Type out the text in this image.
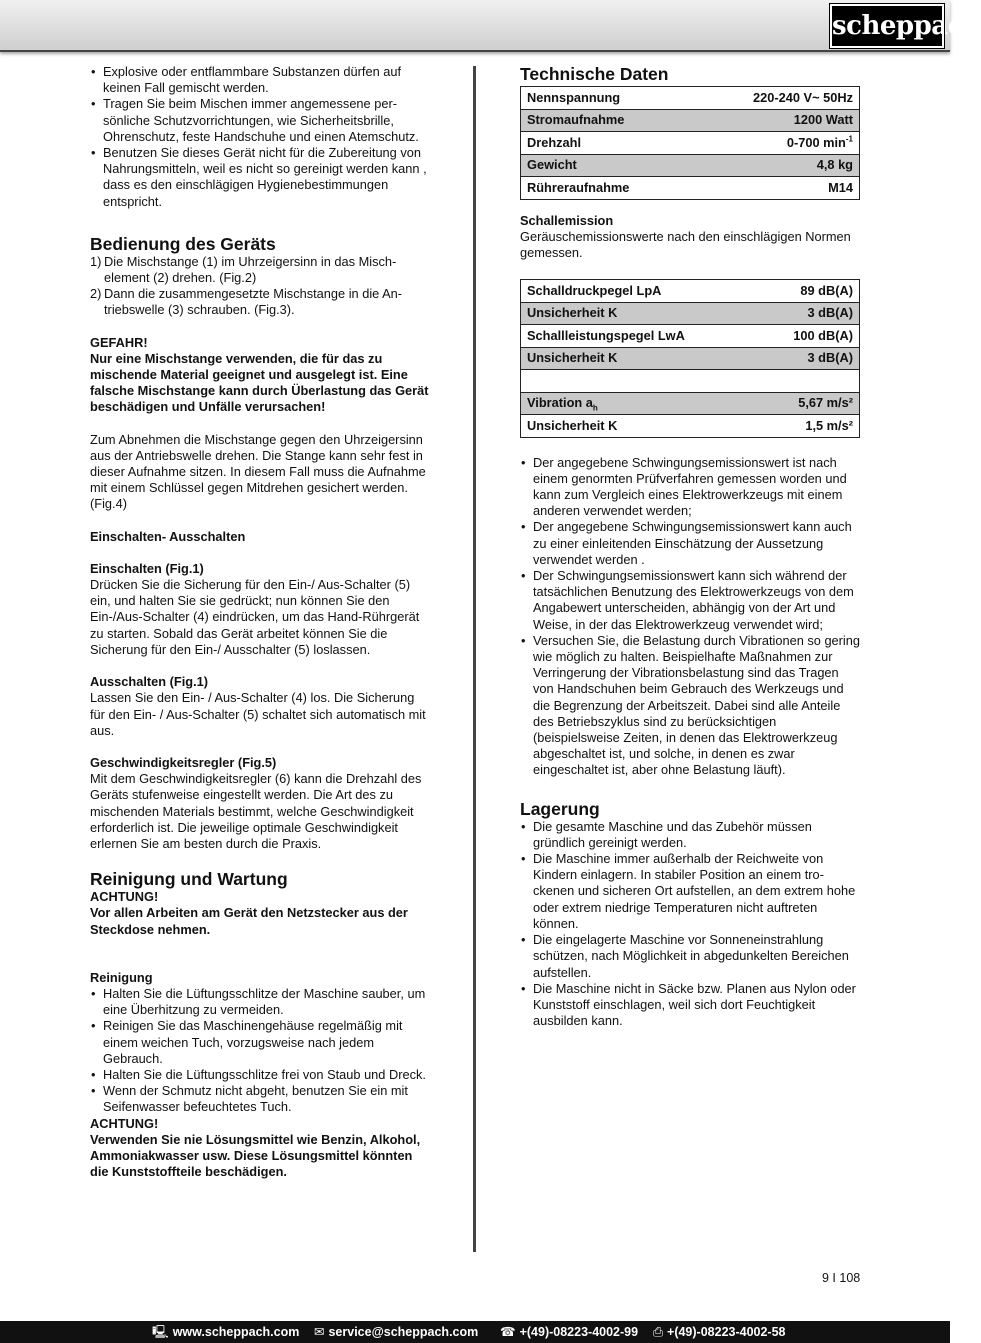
scheppach
• Explosive oder entflammbare Substanzen dürfen auf keinen Fall gemischt werden.
• Tragen Sie beim Mischen immer angemessene persönliche Schutzvorrichtungen, wie Sicherheitsbrille, Ohrenschutz, feste Handschuhe und einen Atemschutz.
• Benutzen Sie dieses Gerät nicht für die Zubereitung von Nahrungsmitteln, weil es nicht so gereinigt werden kann , dass es den einschlägigen Hygienebestimmungen entspricht.
Bedienung des Geräts
1) Die Mischstange (1) im Uhrzeigersinn in das Mischelement (2) drehen. (Fig.2)
2) Dann die zusammengesetzte Mischstange in die Antriebswelle (3) schrauben. (Fig.3).

GEFAHR!

Nur eine Mischstange verwenden, die für das zu mischende Material geeignet und ausgelegt ist. Eine falsche Mischstange kann durch Überlastung das Gerät beschädigen und Unfälle verursachen!

Zum Abnehmen die Mischstange gegen den Uhrzeigersinn aus der Antriebswelle drehen. Die Stange kann sehr fest in dieser Aufnahme sitzen. In diesem Fall muss die Aufnahme mit einem Schlüssel gegen Mitdrehen gesichert werden. (Fig.4)

Einschalten- Ausschalten

Einschalten (Fig.1)

Drücken Sie die Sicherung für den Ein-/ Aus-Schalter (5) ein, und halten Sie sie gedrückt; nun können Sie den Ein-/Aus-Schalter (4) eindrücken, um das Hand-Rührgerät zu starten. Sobald das Gerät arbeitet können Sie die Sicherung für den Ein-/ Ausschalter (5) loslassen.

Ausschalten (Fig.1)

Lassen Sie den Ein- / Aus-Schalter (4) los. Die Sicherung für den Ein- / Aus-Schalter (5) schaltet sich automatisch mit aus.

Geschwindigkeitsregler (Fig.5)

Mit dem Geschwindigkeitsregler (6) kann die Drehzahl des Geräts stufenweise eingestellt werden. Die Art des zu mischenden Materials bestimmt, welche Geschwindigkeit erforderlich ist. Die jeweilige optimale Geschwindigkeit erlernen Sie am besten durch die Praxis.

Reinigung und Wartung

ACHTUNG!

Vor allen Arbeiten am Gerät den Netzstecker aus der Steckdose nehmen.

Reinigung

• Halten Sie die Lüftungsschlitze der Maschine sauber, um eine Überhitzung zu vermeiden.
• Reinigen Sie das Maschinengehäuse regelmäßig mit einem weichen Tuch, vorzugsweise nach jedem Gebrauch.
• Halten Sie die Lüftungsschlitze frei von Staub und Dreck.
• Wenn der Schmutz nicht abgeht, benutzen Sie ein mit Seifenwasser befeuchtetes Tuch.

ACHTUNG!

Verwenden Sie nie Lösungsmittel wie Benzin, Alkohol, Ammoniakwasser usw. Diese Lösungsmittel könnten die Kunststoffteile beschädigen.

Technische Daten
Nennspannung	220-240 V~ 50Hz
Stromaufnahme	1200 Watt
Drehzahl	0-700 $\min^{-1}$
Gewicht	4,8 kg
Rühreraufnahme	M14

Schallemission

Geräuschemissionswerte nach den einschlägigen Normen gemessen.

Schalldruckpegel LpA	89 dB(A)
Unsicherheit K	3 dB(A)
Schallleistungspegel LwA	100 dB(A)
Unsicherheit K	3 dB(A)

Vibration $a_h$	5,67 m/s²
Unsicherheit K	1,5 m/s²
• Der angegebene Schwingungsemissionswert ist nach einem genormten Prüfverfahren gemessen worden und kann zum Vergleich eines Elektrowerkzeugs mit einem anderen verwendet werden;
• Der angegebene Schwingungsemissionswert kann auch zu einer einleitenden Einschätzung der Aussetzung verwendet werden .
• Der Schwingungsemissionswert kann sich während der tatsächlichen Benutzung des Elektrowerkzeugs von dem Angabewert unterscheiden, abhängig von der Art und Weise, in der das Elektrowerkzeug verwendet wird;
• Versuchen Sie, die Belastung durch Vibrationen so gering wie möglich zu halten. Beispielhafte Maßnahmen zur Verringerung der Vibrationsbelastung sind das Tragen von Handschuhen beim Gebrauch des Werkzeugs und die Begrenzung der Arbeitszeit. Dabei sind alle Anteile des Betriebszyklus sind zu berücksichtigen (beispielsweise Zeiten, in denen das Elektrowerkzeug abgeschaltet ist, und solche, in denen es zwar eingeschaltet ist, aber ohne Belastung läuft).
Lagerung
• Die gesamte Maschine und das Zubehör müssen gründlich gereinigt werden.
• Die Maschine immer außerhalb der Reichweite von Kindern einlagern. In stabiler Position an einem trockenen und sicheren Ort aufstellen, an dem extrem hohe oder extrem niedrige Temperaturen nicht auftreten können.
• Die eingelagerte Maschine vor Sonneneinstrahlung schützen, nach Möglichkeit in abgedunkelten Bereichen aufstellen.
• Die Maschine nicht in Säcke bzw. Planen aus Nylon oder Kunststoff einschlagen, weil sich dort Feuchtigkeit ausbilden kann.
9 I 108
🖳 www.scheppach.com ✉ service@scheppach.com ☎ +(49)-08223-4002-99 ⎙ +(49)-08223-4002-58
